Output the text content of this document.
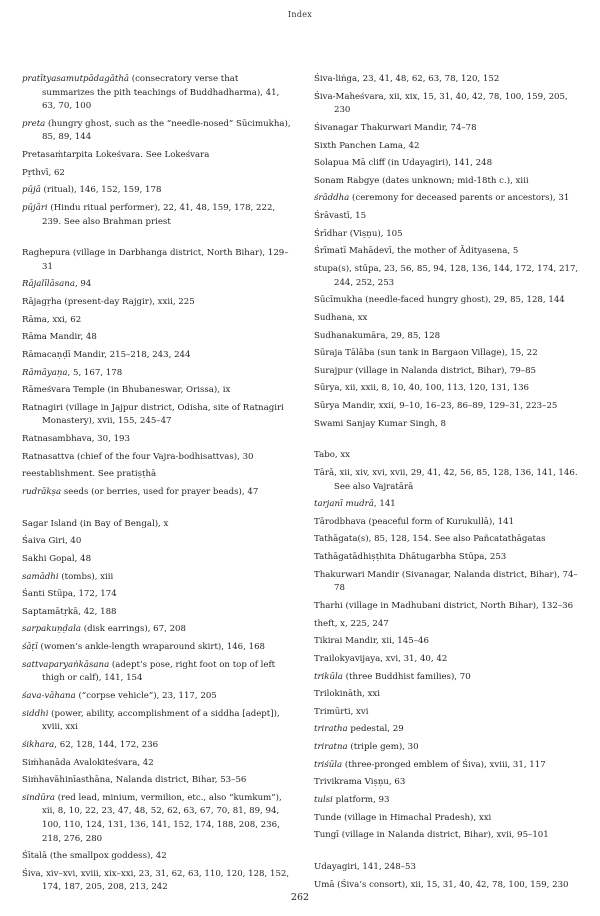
Index

pratītyasamutpādagāthā (consecratory verse that summarizes the pith teachings of Buddhadharma), 41, 63, 70, 100

preta (hungry ghost, such as the “needle-nosed” Sūcimukha), 85, 89, 144

Pretasaṁtarpita Lokeśvara. See Lokeśvara

Pṛthvī, 62

pūjā (ritual), 146, 152, 159, 178

pūjāri (Hindu ritual performer), 22, 41, 48, 159, 178, 222, 239. See also Brahman priest

Raghepura (village in Darbhanga district, North Bihar), 129–31

Rājalīlāsana, 94

Rājagṛha (present-day Rajgir), xxii, 225

Rāma, xxi, 62

Rāma Mandir, 48

Rāmacaṇḍī Mandir, 215–218, 243, 244

Rāmāyaṇa, 5, 167, 178

Rāmeśvara Temple (in Bhubaneswar, Orissa), ix

Ratnagiri (village in Jajpur district, Odisha, site of Ratnagiri Monastery), xvii, 155, 245–47

Ratnasambhava, 30, 193

Ratnasattva (chief of the four Vajra-bodhisattvas), 30

reestablishment. See pratiṣṭhā

rudrākṣa seeds (or berries, used for prayer beads), 47

Sagar Island (in Bay of Bengal), x

Śaiva Giri, 40

Sakhi Gopal, 48

samādhi (tombs), xiii

Śanti Stūpa, 172, 174

Saptamātṛkā, 42, 188

sarpakuṇḍala (disk earrings), 67, 208

śāṭī (women’s ankle-length wraparound skirt), 146, 168

sattvaparyaṅkāsana (adept’s pose, right foot on top of left thigh or calf), 141, 154

śava-vāhana (“corpse vehicle”), 23, 117, 205

siddhi (power, ability, accomplishment of a siddha [adept]), xviii, xxi

śikhara, 62, 128, 144, 172, 236

Siṁhanāda Avalokiteśvara, 42

Siṁhavāhinīasthāna, Nalanda district, Bihar, 53–56

sindūra (red lead, minium, vermilion, etc., also “kumkum”), xii, 8, 10, 22, 23, 47, 48, 52, 62, 63, 67, 70, 81, 89, 94, 100, 110, 124, 131, 136, 141, 152, 174, 188, 208, 236, 218, 276, 280

Śītalā (the smallpox goddess), 42

Śiva, xiv–xvi, xviii, xix–xxi, 23, 31, 62, 63, 110, 120, 128, 152, 174, 187, 205, 208, 213, 242

Śiva-liṅga, 23, 41, 48, 62, 63, 78, 120, 152

Śiva-Maheśvara, xii, xix, 15, 31, 40, 42, 78, 100, 159, 205, 230

Śivanagar Thakurwari Mandir, 74–78

Sixth Panchen Lama, 42

Solapua Mā cliff (in Udayagiri), 141, 248

Sonam Rabgye (dates unknown; mid-18th c.), xiii

śrāddha (ceremony for deceased parents or ancestors), 31

Śrāvastī, 15

Śrīdhar (Viṣṇu), 105

Śrīmatī Mahādevī, the mother of Ādityasena, 5

stupa(s), stūpa, 23, 56, 85, 94, 128, 136, 144, 172, 174, 217, 244, 252, 253

Sūcīmukha (needle-faced hungry ghost), 29, 85, 128, 144

Sudhana, xx

Sudhanakumāra, 29, 85, 128

Sūraja Tālāba (sun tank in Bargaon Village), 15, 22

Surajpur (village in Nalanda district, Bihar), 79–85

Sūrya, xii, xxii, 8, 10, 40, 100, 113, 120, 131, 136

Sūrya Mandir, xxii, 9–10, 16–23, 86–89, 129–31, 223–25

Swami Sanjay Kumar Singh, 8

Tabo, xx

Tārā, xii, xiv, xvi, xvii, 29, 41, 42, 56, 85, 128, 136, 141, 146. See also Vajratārā

tarjanī mudrā, 141

Tārodbhava (peaceful form of Kurukullā), 141

Tathāgata(s), 85, 128, 154. See also Pañcatathāgatas

Tathāgatādhiṣṭhita Dhātugarbha Stūpa, 253

Thakurwari Mandir (Sivanagar, Nalanda district, Bihar), 74–78

Tharhi (village in Madhubani district, North Bihar), 132–36

theft, x, 225, 247

Tikirai Mandir, xii, 145–46

Trailokyavijaya, xvi, 31, 40, 42

trikūla (three Buddhist families), 70

Trilokināth, xxi

Trimūrti, xvi

triratha pedestal, 29

triratna (triple gem), 30

triśūla (three-pronged emblem of Śiva), xviii, 31, 117

Trivikrama Viṣṇu, 63

tulsi platform, 93

Tunde (village in Himachal Pradesh), xxi

Tungī (village in Nalanda district, Bihar), xvii, 95–101

Udayagiri, 141, 248–53

Umā (Śiva’s consort), xii, 15, 31, 40, 42, 78, 100, 159, 230

262
